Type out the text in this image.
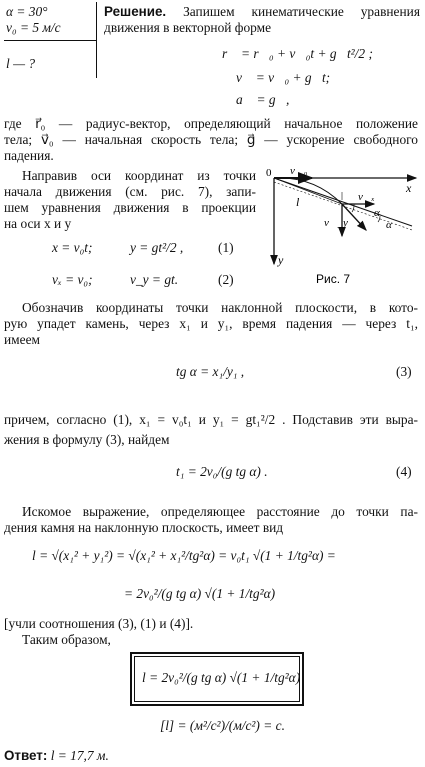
α = 30°
v₀ = 5 м/с
l — ?
Решение. Запишем кинематические уравнения
движения в векторной форме
r⃗ = r⃗₀ + v⃗₀t + g⃗t²/2 ;
v⃗ = v⃗₀ + g⃗t;
a⃗ = g⃗,
где r⃗₀ — радиус-вектор, определяющий начальное положение
тела; v⃗₀ — начальная скорость тела; g⃗ — ускорение свободного
падения.
Направив оси координат из точки
начала движения (см. рис. 7), запи-
шем уравнения движения в проекции
на оси x и y
x = v₀t;	y = gt²/2 ,	(1)
vₓ = v₀;	v_y = gt.	(2)
0
x
y
v⃗₀
v⃗ₓ
v⃗_y
l
α
α
Рис. 7
Обозначив координаты точки наклонной плоскости, в кото-
рую упадет камень, через x₁ и y₁, время падения — через t₁,
имеем
tg α = x₁/y₁ ,	(3)
причем, согласно (1), x₁ = v₀t₁ и y₁ = gt₁²/2 . Подставив эти выра-
жения в формулу (3), найдем
t₁ = 2v₀/(g tg α) .	(4)
Искомое выражение, определяющее расстояние до точки па-
дения камня на наклонную плоскость, имеет вид
l = √(x₁² + y₁²) = √(x₁² + x₁²/tg²α) = v₀t₁ √(1 + 1/tg²α) =
= 2v₀²/(g tg α) √(1 + 1/tg²α)
[учли соотношения (3), (1) и (4)].
Таким образом,
l = 2v₀²/(g tg α) √(1 + 1/tg²α)
[l] = (м²/с²)/(м/с²) = с.
Ответ: l = 17,7 м.
